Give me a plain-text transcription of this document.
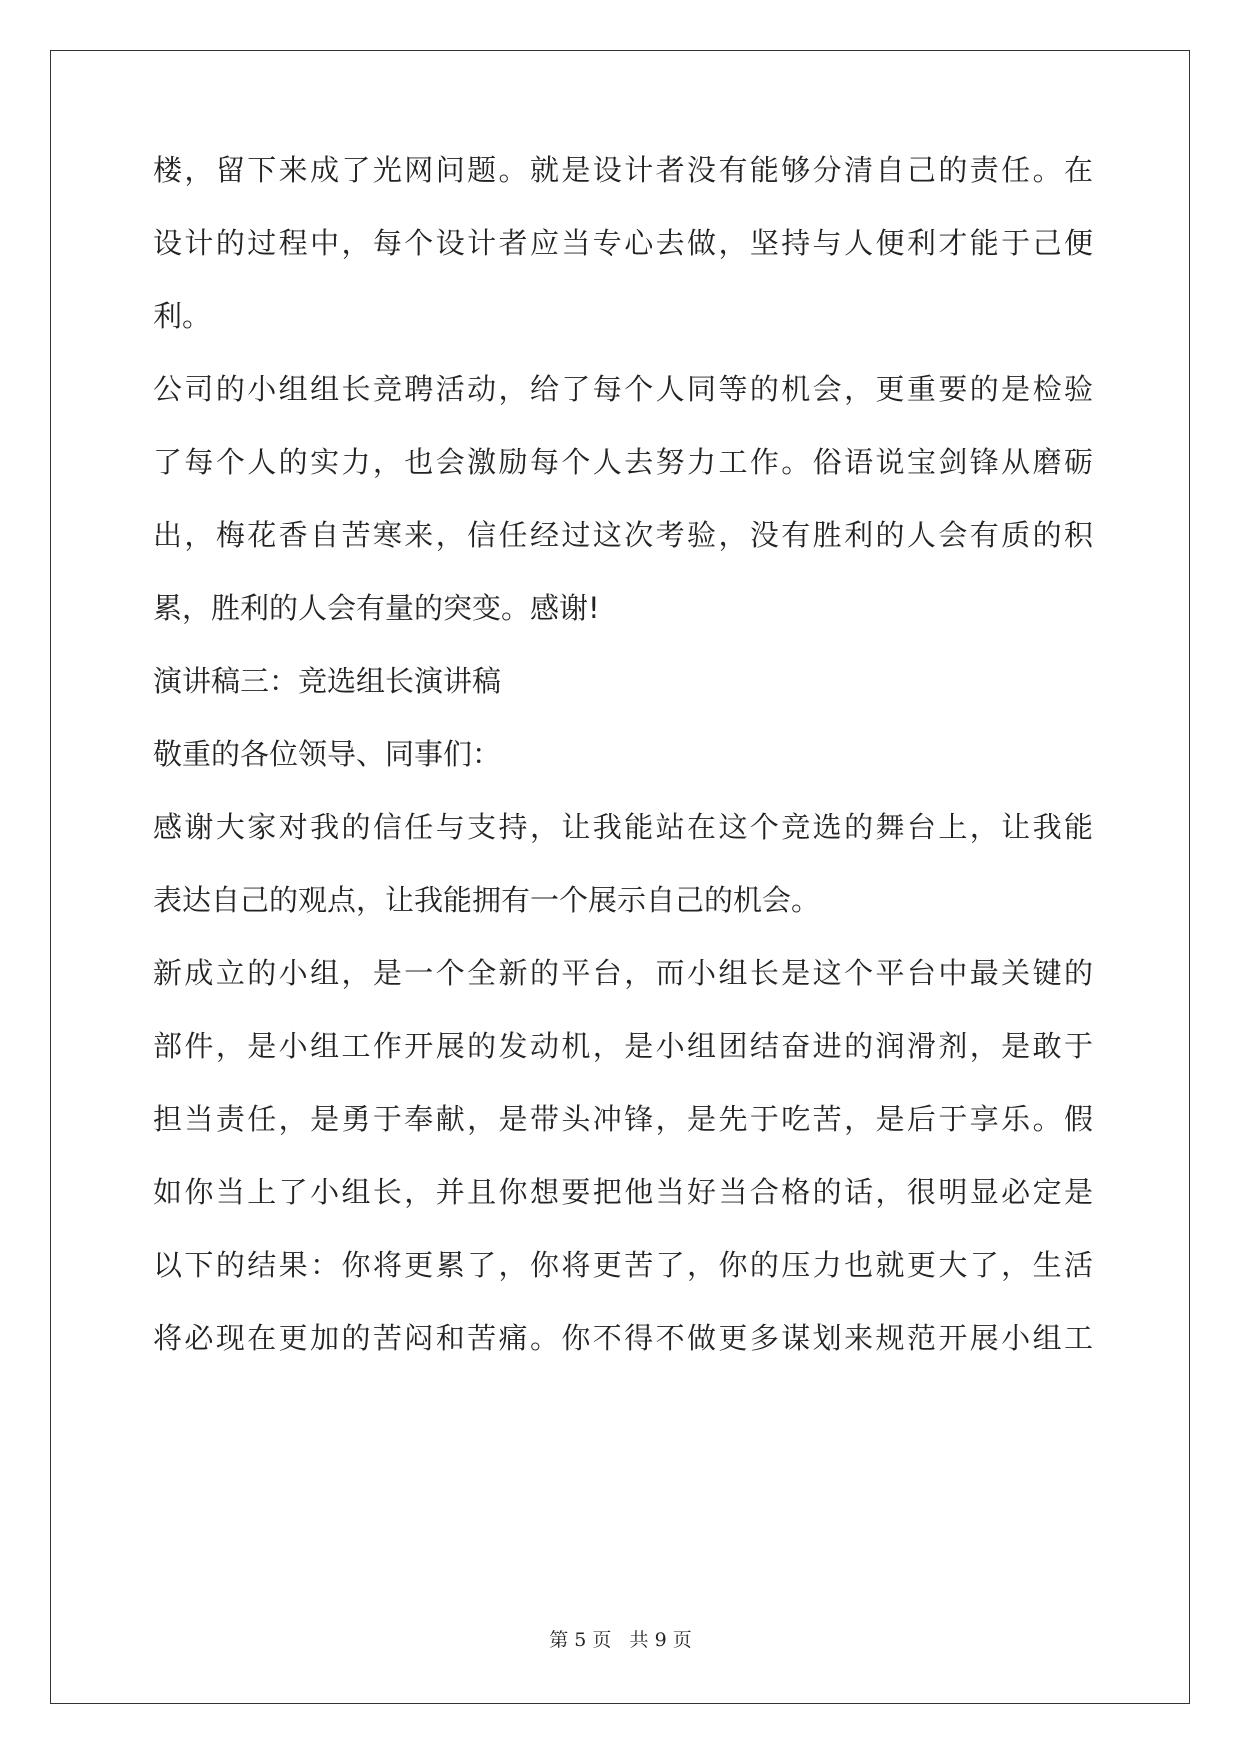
楼，留下来成了光网问题。就是设计者没有能够分清自己的责任。在
设计的过程中，每个设计者应当专心去做，坚持与人便利才能于己便
利。
公司的小组组长竞聘活动，给了每个人同等的机会，更重要的是检验
了每个人的实力，也会激励每个人去努力工作。俗语说宝剑锋从磨砺
出，梅花香自苦寒来，信任经过这次考验，没有胜利的人会有质的积
累，胜利的人会有量的突变。感谢!
演讲稿三：竞选组长演讲稿
敬重的各位领导、同事们：
感谢大家对我的信任与支持，让我能站在这个竞选的舞台上，让我能
表达自己的观点，让我能拥有一个展示自己的机会。
新成立的小组，是一个全新的平台，而小组长是这个平台中最关键的
部件，是小组工作开展的发动机，是小组团结奋进的润滑剂，是敢于
担当责任，是勇于奉献，是带头冲锋，是先于吃苦，是后于享乐。假
如你当上了小组长，并且你想要把他当好当合格的话，很明显必定是
以下的结果：你将更累了，你将更苦了，你的压力也就更大了，生活
将必现在更加的苦闷和苦痛。你不得不做更多谋划来规范开展小组工
第 5 页   共 9 页
